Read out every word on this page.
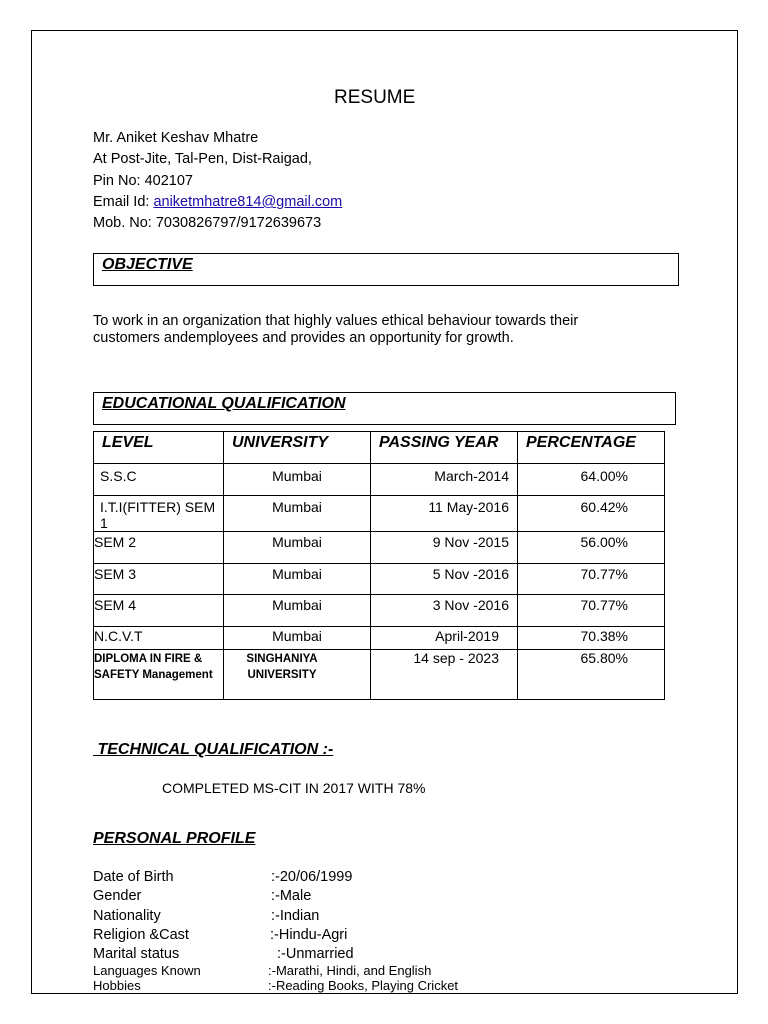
RESUME
Mr. Aniket Keshav Mhatre
At Post-Jite, Tal-Pen, Dist-Raigad,
Pin No: 402107
Email Id: aniketmhatre814@gmail.com
Mob. No: 7030826797/9172639673
OBJECTIVE
To work in an organization that highly values ethical behaviour towards their
customers andemployees and provides an opportunity for growth.
EDUCATIONAL QUALIFICATION
LEVEL	UNIVERSITY	PASSING YEAR	PERCENTAGE
S.S.C	Mumbai	March-2014	64.00%
I.T.I(FITTER) SEM 1	Mumbai	11 May-2016	60.42%
SEM 2	Mumbai	9 Nov -2015	56.00%
SEM 3	Mumbai	5 Nov -2016	70.77%
SEM 4	Mumbai	3 Nov -2016	70.77%
N.C.V.T	Mumbai	April-2019	70.38%
DIPLOMA IN FIRE & SAFETY Management	SINGHANIYA UNIVERSITY	14 sep - 2023	65.80%
TECHNICAL QUALIFICATION :-
COMPLETED MS-CIT IN 2017 WITH 78%
PERSONAL PROFILE
Date of Birth	:-20/06/1999
Gender	:-Male
Nationality	:-Indian
Religion &Cast	:-Hindu-Agri
Marital status	:-Unmarried
Languages Known	:-Marathi, Hindi, and English
Hobbies	:-Reading Books, Playing Cricket
